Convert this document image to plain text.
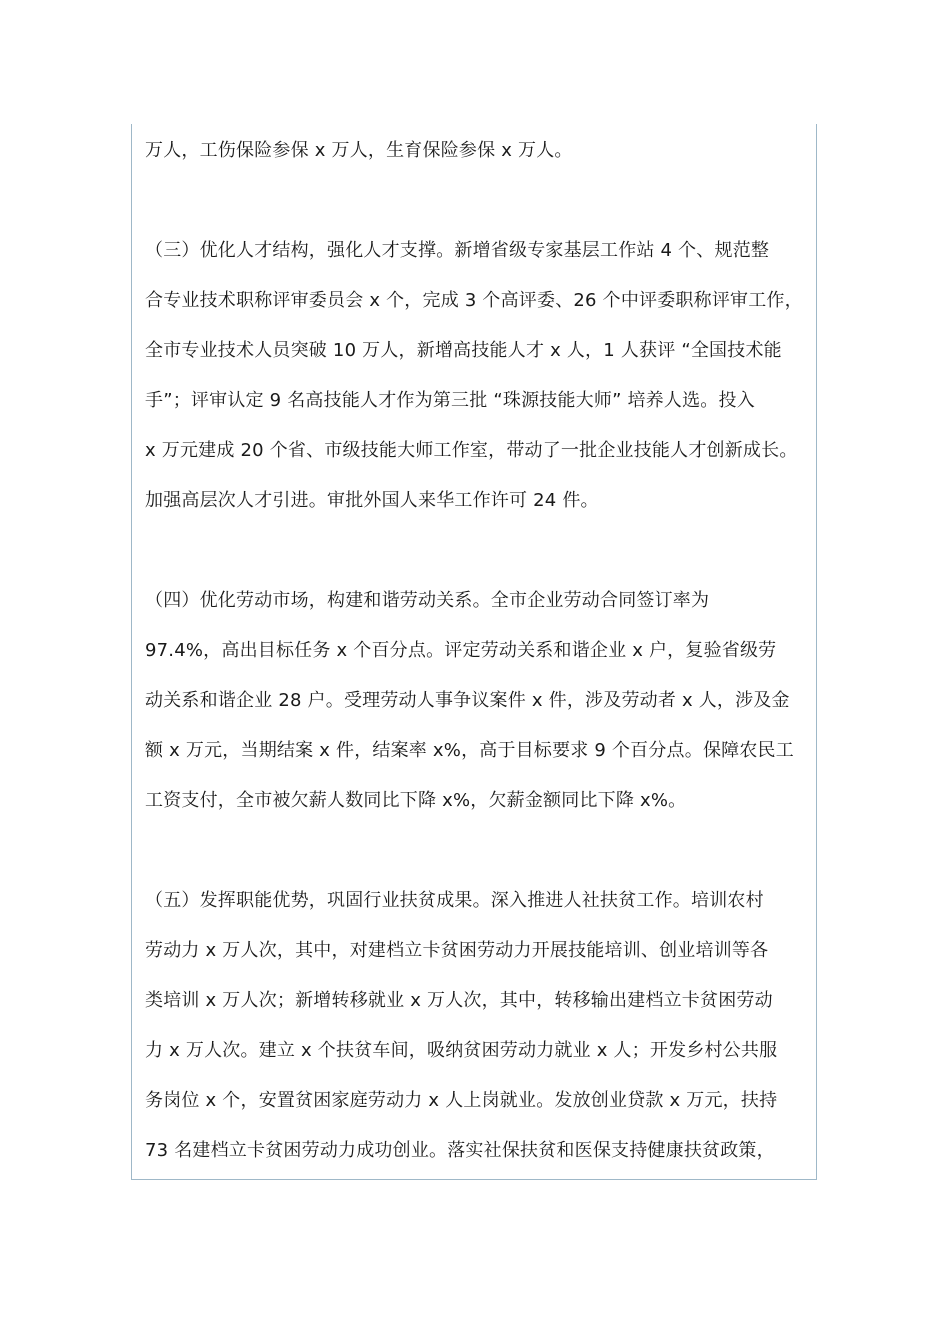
万人，工伤保险参保 x 万人，生育保险参保 x 万人。

（三）优化人才结构，强化人才支撑。新增省级专家基层工作站 4 个、规范整
合专业技术职称评审委员会 x 个，完成 3 个高评委、26 个中评委职称评审工作，
全市专业技术人员突破 10 万人，新增高技能人才 x 人，1 人获评 “全国技术能
手”；评审认定 9 名高技能人才作为第三批 “珠源技能大师” 培养人选。投入
x 万元建成 20 个省、市级技能大师工作室，带动了一批企业技能人才创新成长。
加强高层次人才引进。审批外国人来华工作许可 24 件。

（四）优化劳动市场，构建和谐劳动关系。全市企业劳动合同签订率为
97.4%，高出目标任务 x 个百分点。评定劳动关系和谐企业 x 户，复验省级劳
动关系和谐企业 28 户。受理劳动人事争议案件 x 件，涉及劳动者 x 人，涉及金
额 x 万元，当期结案 x 件，结案率 x%，高于目标要求 9 个百分点。保障农民工
工资支付，全市被欠薪人数同比下降 x%，欠薪金额同比下降 x%。

（五）发挥职能优势，巩固行业扶贫成果。深入推进人社扶贫工作。培训农村
劳动力 x 万人次，其中，对建档立卡贫困劳动力开展技能培训、创业培训等各
类培训 x 万人次；新增转移就业 x 万人次，其中，转移输出建档立卡贫困劳动
力 x 万人次。建立 x 个扶贫车间，吸纳贫困劳动力就业 x 人；开发乡村公共服
务岗位 x 个，安置贫困家庭劳动力 x 人上岗就业。发放创业贷款 x 万元，扶持
73 名建档立卡贫困劳动力成功创业。落实社保扶贫和医保支持健康扶贫政策，
